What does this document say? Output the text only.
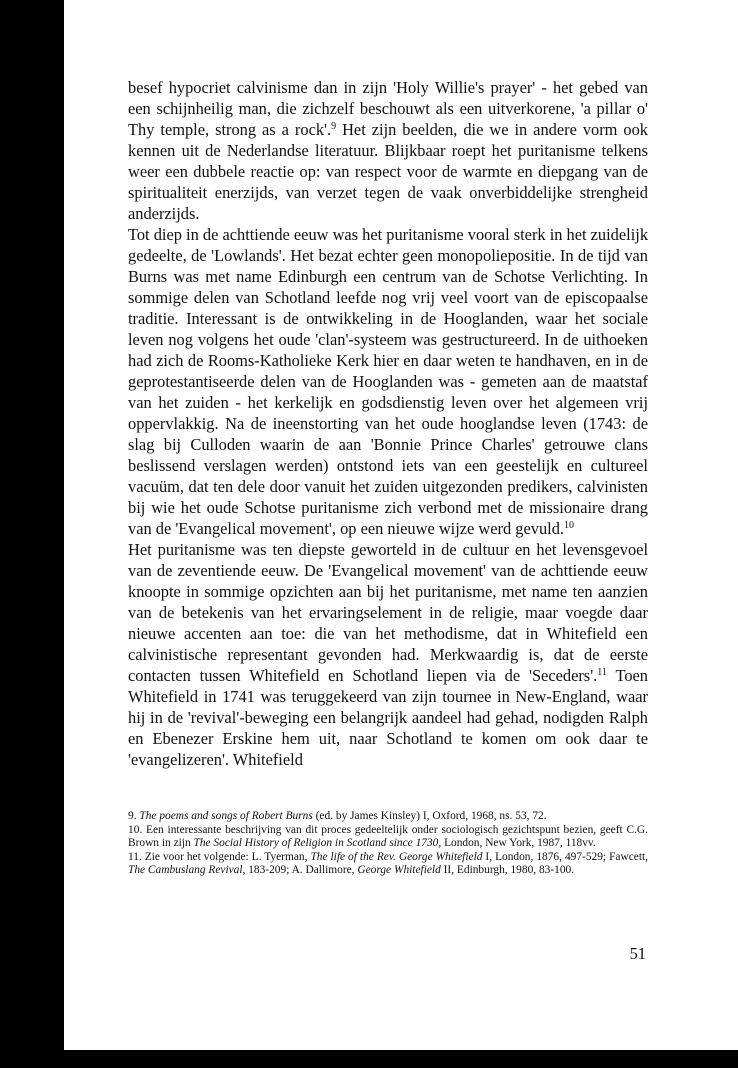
besef hypocriet calvinisme dan in zijn 'Holy Willie's prayer' - het gebed van een schijnheilig man, die zichzelf beschouwt als een uitverkorene, 'a pillar o' Thy temple, strong as a rock'.$^9$ Het zijn beelden, die we in andere vorm ook kennen uit de Nederlandse literatuur. Blijkbaar roept het puritanisme telkens weer een dubbele reactie op: van respect voor de warmte en diepgang van de spiritualiteit enerzijds, van verzet tegen de vaak onverbiddelijke strengheid anderzijds.

Tot diep in de achttiende eeuw was het puritanisme vooral sterk in het zuidelijk gedeelte, de 'Lowlands'. Het bezat echter geen monopoliepositie. In de tijd van Burns was met name Edinburgh een centrum van de Schotse Verlichting. In sommige delen van Schotland leefde nog vrij veel voort van de episcopaalse traditie. Interessant is de ontwikkeling in de Hooglanden, waar het sociale leven nog volgens het oude 'clan'-systeem was gestructureerd. In de uithoeken had zich de Rooms-Katholieke Kerk hier en daar weten te handhaven, en in de geprotestantiseerde delen van de Hooglanden was - gemeten aan de maatstaf van het zuiden - het kerkelijk en godsdienstig leven over het algemeen vrij oppervlakkig. Na de ineenstorting van het oude hooglandse leven (1743: de slag bij Culloden waarin de aan 'Bonnie Prince Charles' getrouwe clans beslissend verslagen werden) ontstond iets van een geestelijk en cultureel vacuüm, dat ten dele door vanuit het zuiden uitgezonden predikers, calvinisten bij wie het oude Schotse puritanisme zich verbond met de missionaire drang van de 'Evangelical movement', op een nieuwe wijze werd gevuld.$^{10}$

Het puritanisme was ten diepste geworteld in de cultuur en het levensgevoel van de zeventiende eeuw. De 'Evangelical movement' van de achttiende eeuw knoopte in sommige opzichten aan bij het puritanisme, met name ten aanzien van de betekenis van het ervaringselement in de religie, maar voegde daar nieuwe accenten aan toe: die van het methodisme, dat in Whitefield een calvinistische representant gevonden had. Merkwaardig is, dat de eerste contacten tussen Whitefield en Schotland liepen via de 'Seceders'.$^{11}$ Toen Whitefield in 1741 was teruggekeerd van zijn tournee in New-England, waar hij in de 'revival'-beweging een belangrijk aandeel had gehad, nodigden Ralph en Ebenezer Erskine hem uit, naar Schotland te komen om ook daar te 'evangelizeren'. Whitefield

9. The poems and songs of Robert Burns (ed. by James Kinsley) I, Oxford, 1968, ns. 53, 72.

10. Een interessante beschrijving van dit proces gedeeltelijk onder sociologisch gezichtspunt bezien, geeft C.G. Brown in zijn The Social History of Religion in Scotland since 1730, London, New York, 1987, 118vv.

11. Zie voor het volgende: L. Tyerman, The life of the Rev. George Whitefield I, London, 1876, 497-529; Fawcett, The Cambuslang Revival, 183-209; A. Dallimore, George Whitefield II, Edinburgh, 1980, 83-100.

51
